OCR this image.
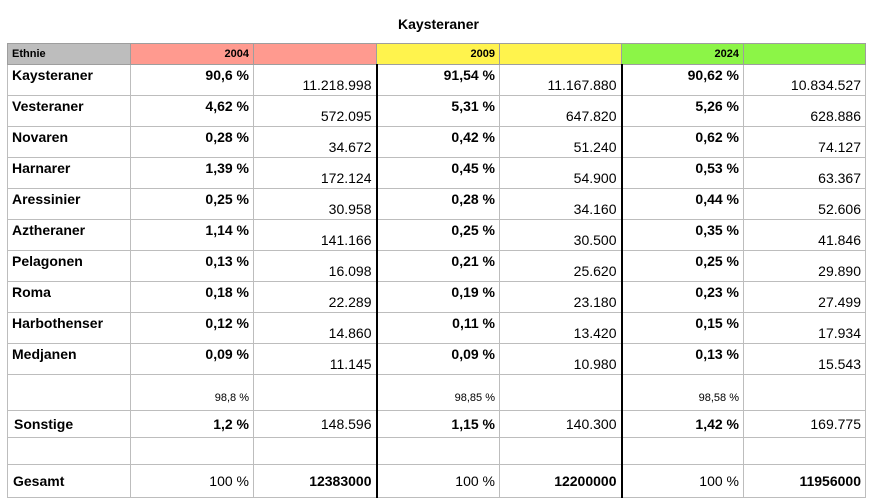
Kaysteraner
Ethnie	2004		2009		2024	
Kaysteraner	90,6 %	11.218.998	91,54 %	11.167.880	90,62 %	10.834.527
Vesteraner	4,62 %	572.095	5,31 %	647.820	5,26 %	628.886
Novaren	0,28 %	34.672	0,42 %	51.240	0,62 %	74.127
Harnarer	1,39 %	172.124	0,45 %	54.900	0,53 %	63.367
Aressinier	0,25 %	30.958	0,28 %	34.160	0,44 %	52.606
Aztheraner	1,14 %	141.166	0,25 %	30.500	0,35 %	41.846
Pelagonen	0,13 %	16.098	0,21 %	25.620	0,25 %	29.890
Roma	0,18 %	22.289	0,19 %	23.180	0,23 %	27.499
Harbothenser	0,12 %	14.860	0,11 %	13.420	0,15 %	17.934
Medjanen	0,09 %	11.145	0,09 %	10.980	0,13 %	15.543
	98,8 %		98,85 %		98,58 %	
Sonstige	1,2 %	148.596	1,15 %	140.300	1,42 %	169.775

Gesamt	100 %	12383000	100 %	12200000	100 %	11956000
